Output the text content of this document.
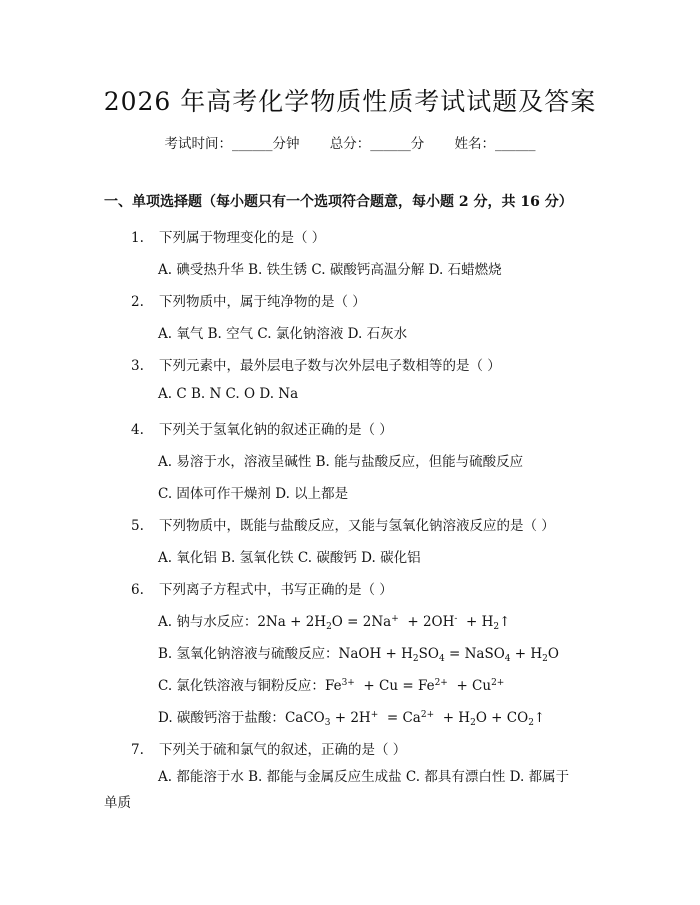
2026 年高考化学物质性质考试试题及答案
考试时间：______分钟 总分：______分 姓名：______
一、单项选择题（每小题只有一个选项符合题意，每小题 2 分，共 16 分）
1. 下列属于物理变化的是（ ）
A. 碘受热升华 B. 铁生锈 C. 碳酸钙高温分解 D. 石蜡燃烧
2. 下列物质中，属于纯净物的是（ ）
A. 氧气 B. 空气 C. 氯化钠溶液 D. 石灰水
3. 下列元素中，最外层电子数与次外层电子数相等的是（ ）
A. C B. N C. O D. Na
4. 下列关于氢氧化钠的叙述正确的是（ ）
A. 易溶于水，溶液呈碱性 B. 能与盐酸反应，但能与硫酸反应
C. 固体可作干燥剂 D. 以上都是
5. 下列物质中，既能与盐酸反应，又能与氢氧化钠溶液反应的是（ ）
A. 氧化铝 B. 氢氧化铁 C. 碳酸钙 D. 碳化铝
6. 下列离子方程式中，书写正确的是（ ）
A. 钠与水反应：$2Na + 2H_2O = 2Na^+ + 2OH^-$  + $H_2↑$
B. 氢氧化钠溶液与硫酸反应：NaOH + $H_2SO_4$ = NaSO$_4$ + $H_2O$
C. 氯化铁溶液与铜粉反应：$Fe^{3+} + Cu = Fe^{2+} + Cu^{2+}$
D. 碳酸钙溶于盐酸：CaCO$_3$ + $2H^+ = Ca^{2+} + H_2O$ + $CO_2↑$
7. 下列关于硫和氯气的叙述，正确的是（ ）
A. 都能溶于水 B. 都能与金属反应生成盐 C. 都具有漂白性 D. 都属于单质
